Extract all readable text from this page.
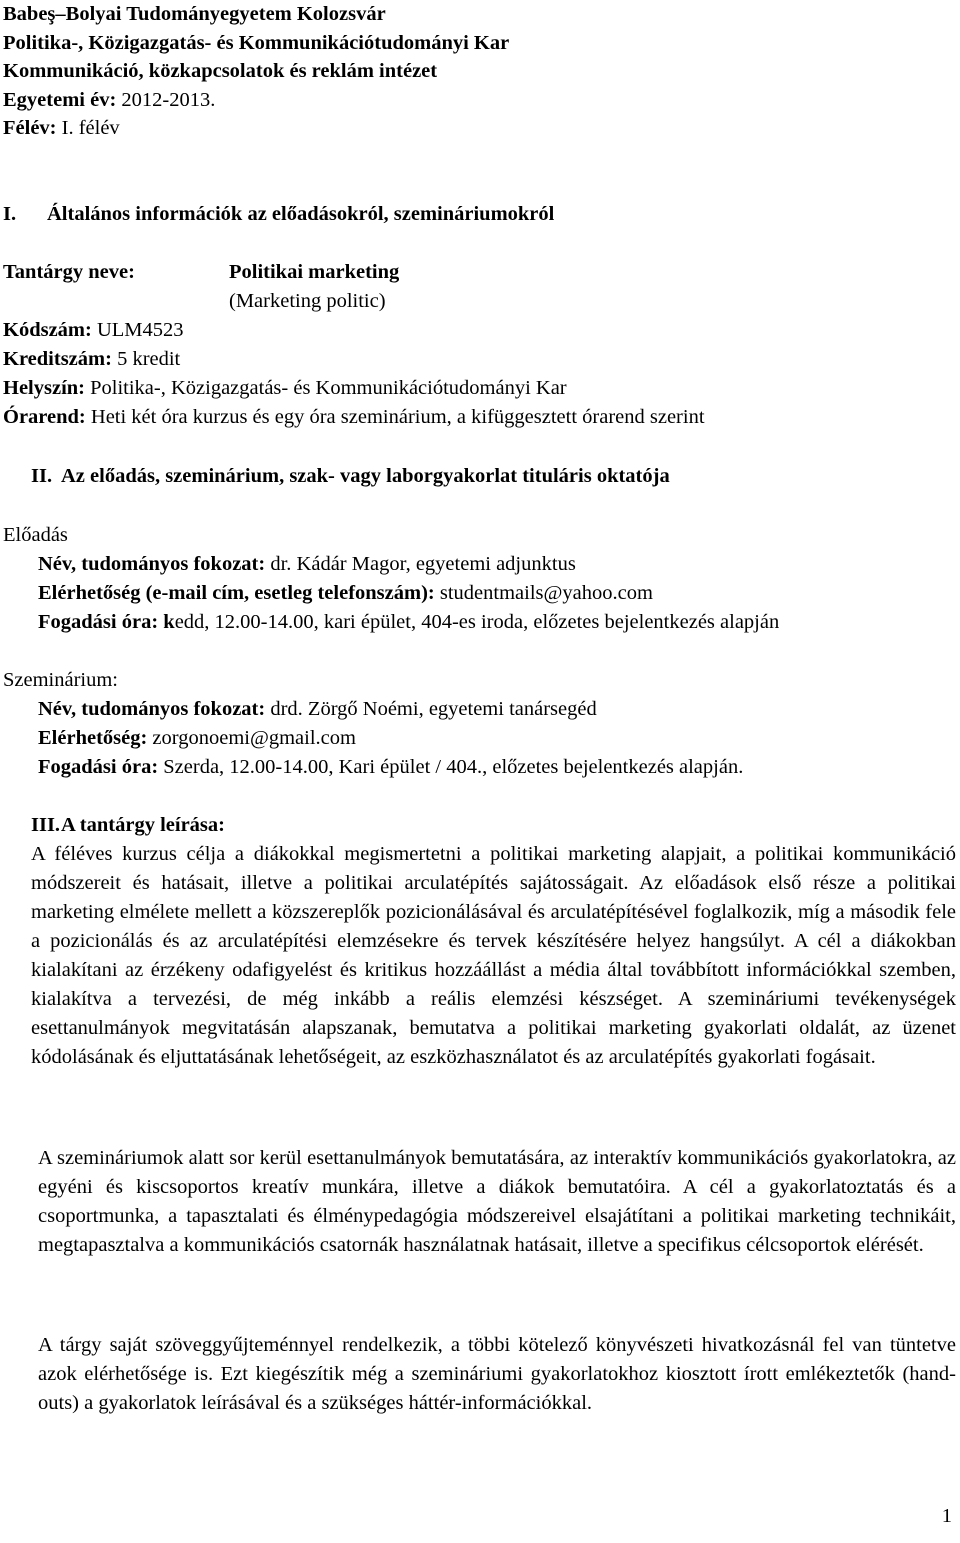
Babeş–Bolyai Tudományegyetem Kolozsvár
Politika-, Közigazgatás- és Kommunikációtudományi Kar
Kommunikáció, közkapcsolatok és reklám intézet
Egyetemi év: 2012-2013.
Félév: I. félév
I. Általános információk az előadásokról, szemináriumokról
Tantárgy neve:	Politikai marketing
(Marketing politic)
Kódszám: ULM4523
Kreditszám: 5 kredit
Helyszín: Politika-, Közigazgatás- és Kommunikációtudományi Kar
Órarend: Heti két óra kurzus és egy óra szeminárium, a kifüggesztett órarend szerint
II. Az előadás, szeminárium, szak- vagy laborgyakorlat tituláris oktatója
Előadás
Név, tudományos fokozat: dr. Kádár Magor, egyetemi adjunktus
Elérhetőség (e-mail cím, esetleg telefonszám): studentmails@yahoo.com
Fogadási óra: kedd, 12.00-14.00, kari épület, 404-es iroda, előzetes bejelentkezés alapján
Szeminárium:
Név, tudományos fokozat: drd. Zörgő Noémi, egyetemi tanársegéd
Elérhetőség: zorgonoemi@gmail.com
Fogadási óra: Szerda, 12.00-14.00, Kari épület / 404., előzetes bejelentkezés alapján.
III.A tantárgy leírása:
A féléves kurzus célja a diákokkal megismertetni a politikai marketing alapjait, a politikai kommunikáció módszereit és hatásait, illetve a politikai arculatépítés sajátosságait. Az előadások első része a politikai marketing elmélete mellett a közszereplők pozicionálásával és arculatépítésével foglalkozik, míg a második fele a pozicionálás és az arculatépítési elemzésekre és tervek készítésére helyez hangsúlyt. A cél a diákokban kialakítani az érzékeny odafigyelést és kritikus hozzáállást a média által továbbított információkkal szemben, kialakítva a tervezési, de még inkább a reális elemzési készséget. A szemináriumi tevékenységek esettanulmányok megvitatásán alapszanak, bemutatva a politikai marketing gyakorlati oldalát, az üzenet kódolásának és eljuttatásának lehetőségeit, az eszközhasználatot és az arculatépítés gyakorlati fogásait.
A szemináriumok alatt sor kerül esettanulmányok bemutatására, az interaktív kommunikációs gyakorlatokra, az egyéni és kiscsoportos kreatív munkára, illetve a diákok bemutatóira. A cél a gyakorlatoztatás és a csoportmunka, a tapasztalati és élménypedagógia módszereivel elsajátítani a politikai marketing technikáit, megtapasztalva a kommunikációs csatornák használatnak hatásait, illetve a specifikus célcsoportok elérését.
A tárgy saját szöveggyűjteménnyel rendelkezik, a többi kötelező könyvészeti hivatkozásnál fel van tüntetve azok elérhetősége is. Ezt kiegészítik még a szemináriumi gyakorlatokhoz kiosztott írott emlékeztetők (hand-outs) a gyakorlatok leírásával és a szükséges háttér-információkkal.
1
